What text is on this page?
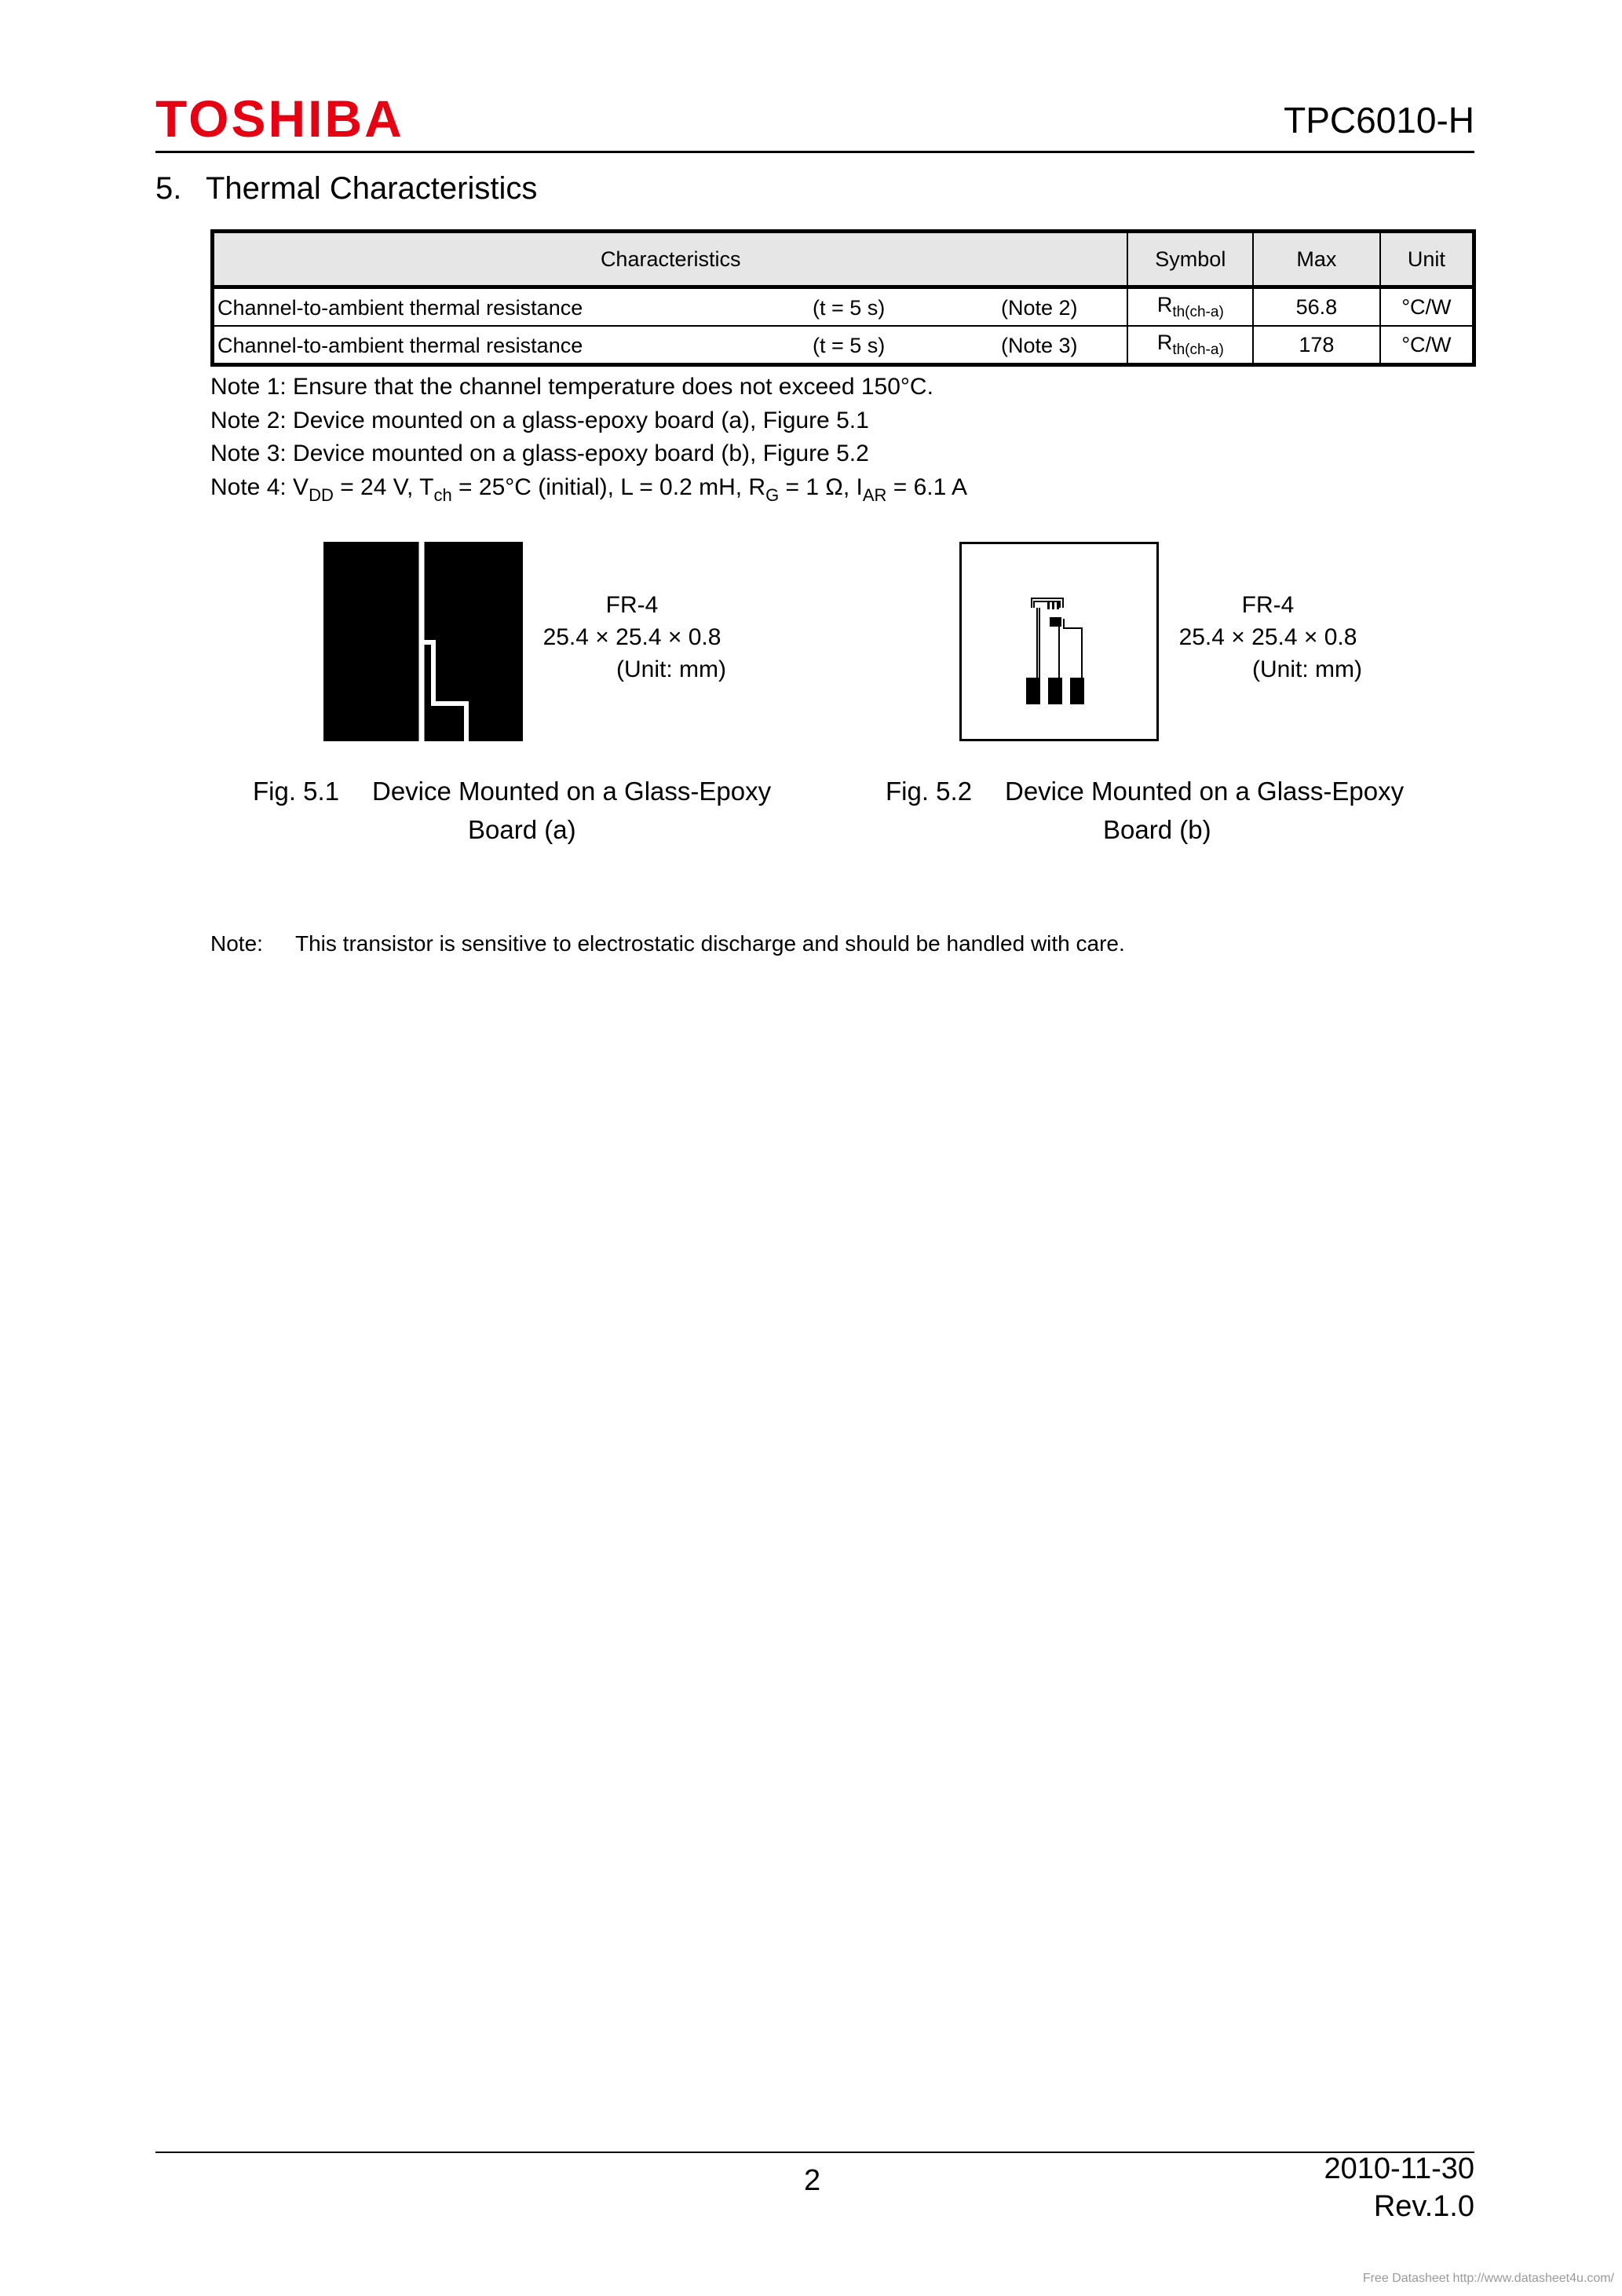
TOSHIBA	TPC6010-H
5. Thermal Characteristics
Characteristics	Symbol	Max	Unit

Channel-to-ambient thermal resistance (t = 5 s) (Note 2)	$R_{th(ch-a)}$	56.8	°C/W

Channel-to-ambient thermal resistance (t = 5 s) (Note 3)	$R_{th(ch-a)}$	178	°C/W
Note 1: Ensure that the channel temperature does not exceed 150°C.
Note 2: Device mounted on a glass-epoxy board (a), Figure 5.1
Note 3: Device mounted on a glass-epoxy board (b), Figure 5.2
Note 4: $V_{DD} = 24$ V, $T_{ch} = 25^\circ C$ (initial), L = 0.2 mH, $R_G = 1$ Ω, $I_{AR} = 6.1$ A
FR-4
25.4 × 25.4 × 0.8
(Unit: mm)
FR-4
25.4 × 25.4 × 0.8
(Unit: mm)
Fig. 5.1 Device Mounted on a Glass-Epoxy
Board (a)
Fig. 5.2 Device Mounted on a Glass-Epoxy
Board (b)
Note: This transistor is sensitive to electrostatic discharge and should be handled with care.
2	2010-11-30
Rev.1.0
Free Datasheet http://www.datasheet4u.com/
